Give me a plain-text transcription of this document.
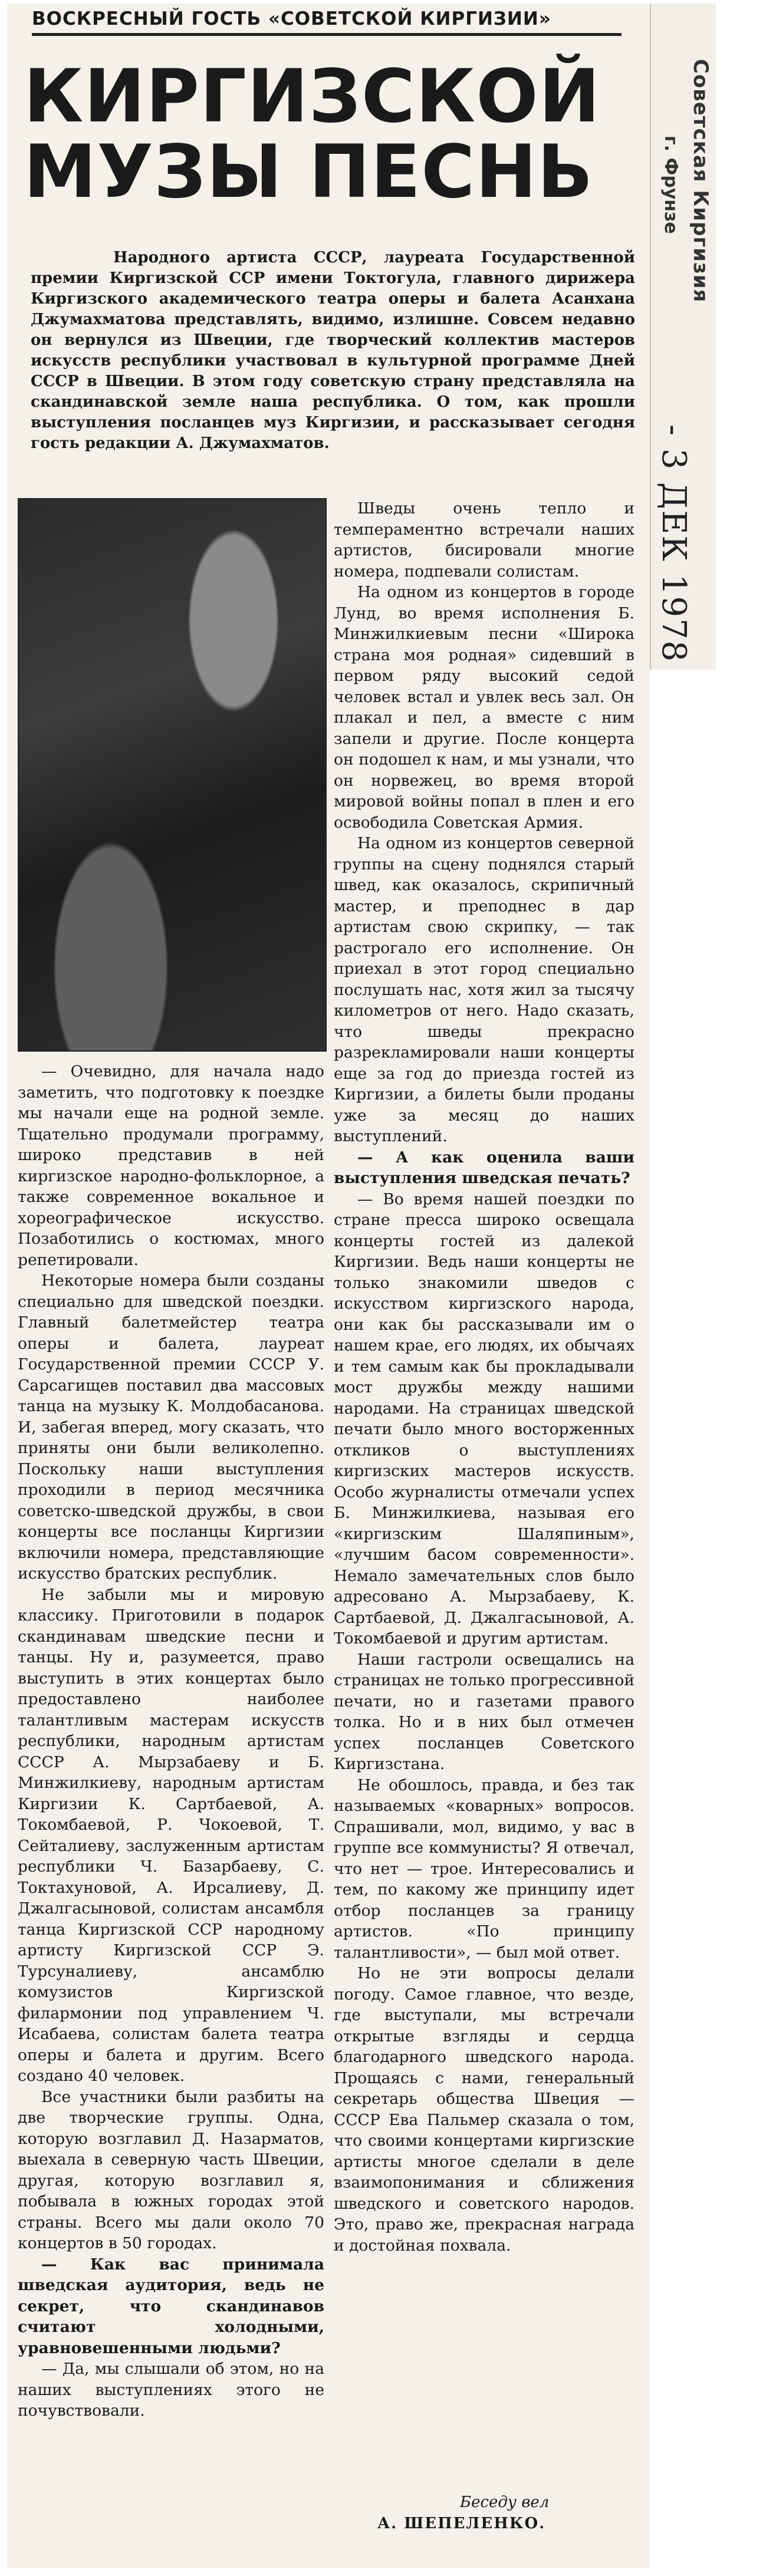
Советская Киргизия
г. Фрунзе
- 3 ДЕК 1978
ВОСКРЕСНЫЙ ГОСТЬ «СОВЕТСКОЙ КИРГИЗИИ»
КИРГИЗСКОЙ
МУЗЫ ПЕСНЬ

Народного артиста СССР, лауреата Государственной премии Киргизской ССР имени Токтогула, главного дирижера Киргизского академического театра оперы и балета Асанхана Джумахматова представлять, видимо, излишне. Совсем недавно он вернулся из Швеции, где творческий коллектив мастеров искусств республики участвовал в культурной программе Дней СССР в Швеции. В этом году советскую страну представляла на скандинавской земле наша республика. О том, как прошли выступления посланцев муз Киргизии, и рассказывает сегодня гость редакции А. Джумахматов.

Шведы очень тепло и темпераментно встречали наших артистов, бисировали многие номера, подпевали солистам.

На одном из концертов в городе Лунд, во время исполнения Б. Минжилкиевым песни «Широка страна моя родная» сидевший в первом ряду высокий седой человек встал и увлек весь зал. Он плакал и пел, а вместе с ним запели и другие. После концерта он подошел к нам, и мы узнали, что он норвежец, во время второй мировой войны попал в плен и его освободила Советская Армия.

На одном из концертов северной группы на сцену поднялся старый швед, как оказалось, скрипичный мастер, и преподнес в дар артистам свою скрипку, — так растрогало его исполнение. Он приехал в этот город специально послушать нас, хотя жил за тысячу километров от него. Надо сказать, что шведы прекрасно разрекламировали наши концерты еще за год до приезда гостей из Киргизии, а билеты были проданы уже за месяц до наших выступлений.

— А как оценила ваши выступления шведская печать?

— Во время нашей поездки по стране пресса широко освещала концерты гостей из далекой Киргизии. Ведь наши концерты не только знакомили шведов с искусством киргизского народа, они как бы рассказывали им о нашем крае, его людях, их обычаях и тем самым как бы прокладывали мост дружбы между нашими народами. На страницах шведской печати было много восторженных откликов о выступлениях киргизских мастеров искусств. Особо журналисты отмечали успех Б. Минжилкиева, называя его «киргизским Шаляпиным», «лучшим басом современности». Немало замечательных слов было адресовано А. Мырзабаеву, К. Сартбаевой, Д. Джалгасыновой, А. Токомбаевой и другим артистам.

Наши гастроли освещались на страницах не только прогрессивной печати, но и газетами правого толка. Но и в них был отмечен успех посланцев Советского Киргизстана.

Не обошлось, правда, и без так называемых «коварных» вопросов. Спрашивали, мол, видимо, у вас в группе все коммунисты? Я отвечал, что нет — трое. Интересовались и тем, по какому же принципу идет отбор посланцев за границу артистов. «По принципу талантливости», — был мой ответ.

Но не эти вопросы делали погоду. Самое главное, что везде, где выступали, мы встречали открытые взгляды и сердца благодарного шведского народа. Прощаясь с нами, генеральный секретарь общества Швеция — СССР Ева Пальмер сказала о том, что своими концертами киргизские артисты многое сделали в деле взаимопонимания и сближения шведского и советского народов. Это, право же, прекрасная награда и достойная похвала.

— Очевидно, для начала надо заметить, что подготовку к поездке мы начали еще на родной земле. Тщательно продумали программу, широко представив в ней киргизское народно-фольклорное, а также современное вокальное и хореографическое искусство. Позаботились о костюмах, много репетировали.

Некоторые номера были созданы специально для шведской поездки. Главный балетмейстер театра оперы и балета, лауреат Государственной премии СССР У. Сарсагищев поставил два массовых танца на музыку К. Молдобасанова. И, забегая вперед, могу сказать, что приняты они были великолепно. Поскольку наши выступления проходили в период месячника советско-шведской дружбы, в свои концерты все посланцы Киргизии включили номера, представляющие искусство братских республик.

Не забыли мы и мировую классику. Приготовили в подарок скандинавам шведские песни и танцы. Ну и, разумеется, право выступить в этих концертах было предоставлено наиболее талантливым мастерам искусств республики, народным артистам СССР А. Мырзабаеву и Б. Минжилкиеву, народным артистам Киргизии К. Сартбаевой, А. Токомбаевой, Р. Чокоевой, Т. Сейталиеву, заслуженным артистам республики Ч. Базарбаеву, С. Токтахуновой, А. Ирсалиеву, Д. Джалгасыновой, солистам ансамбля танца Киргизской ССР народному артисту Киргизской ССР Э. Турсуналиеву, ансамблю комузистов Киргизской филармонии под управлением Ч. Исабаева, солистам балета театра оперы и балета и другим. Всего создано 40 человек.

Все участники были разбиты на две творческие группы. Одна, которую возглавил Д. Назарматов, выехала в северную часть Швеции, другая, которую возглавил я, побывала в южных городах этой страны. Всего мы дали около 70 концертов в 50 городах.

— Как вас принимала шведская аудитория, ведь не секрет, что скандинавов считают холодными, уравновешенными людьми?

— Да, мы слышали об этом, но на наших выступлениях этого не почувствовали.

Беседу вел
А. ШЕПЕЛЕНКО.
